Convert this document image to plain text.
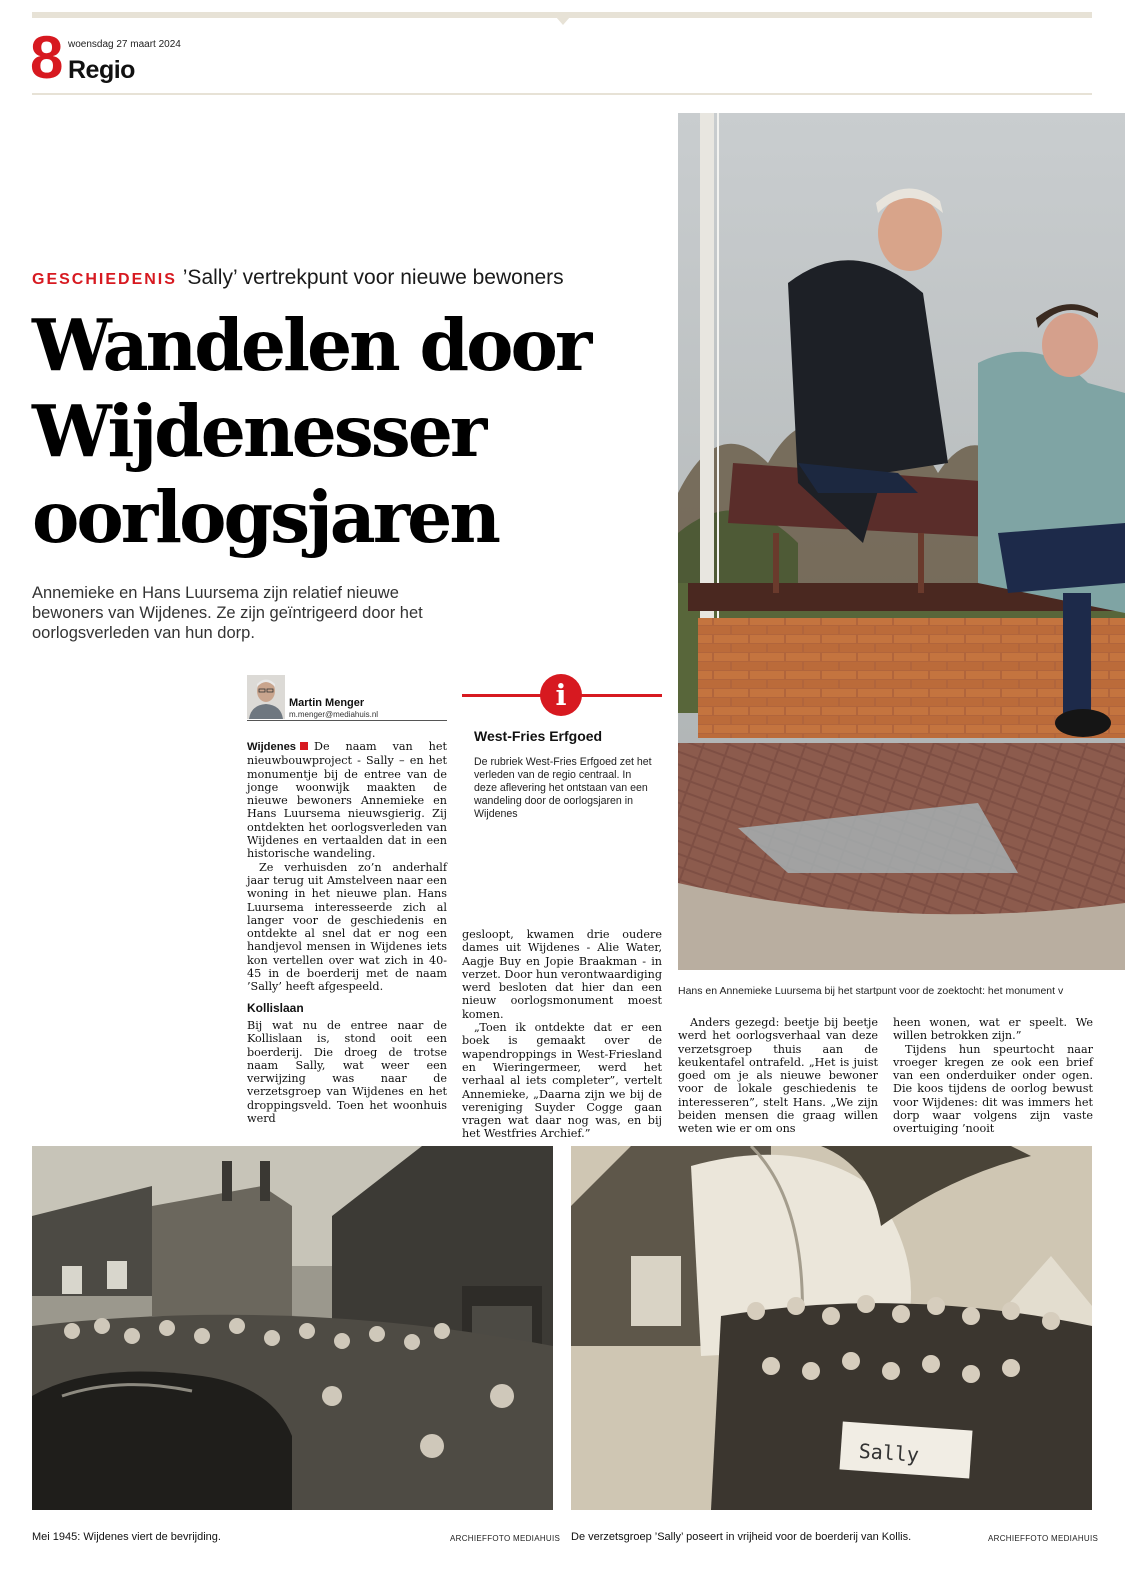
8 woensdag 27 maart 2024
Regio
GESCHIEDENIS ’Sally’ vertrekpunt voor nieuwe bewoners
Wandelen door
Wijdenesser
oorlogsjaren
Annemieke en Hans Luursema zijn relatief nieuwe bewoners van Wijdenes. Ze zijn geïntrigeerd door het oorlogsverleden van hun dorp.
Martin Menger
m.menger@mediahuis.nl

Wijdenes De naam van het nieuwbouwproject - Sally – en het monumentje bij de entree van de jonge woonwijk maakten de nieuwe bewoners Annemieke en Hans Luursema nieuwsgierig. Zij ontdekten het oorlogsverleden van Wijdenes en vertaalden dat in een historische wandeling.

Ze verhuisden zo’n anderhalf jaar terug uit Amstelveen naar een woning in het nieuwe plan. Hans Luursema interesseerde zich al langer voor de geschiedenis en ontdekte al snel dat er nog een handjevol mensen in Wijdenes iets kon vertellen over wat zich in 40-45 in de boerderij met de naam ’Sally’ heeft afgespeeld.

Kollislaan

Bij wat nu de entree naar de Kollislaan is, stond ooit een boerderij. Die droeg de trotse naam Sally, wat weer een verwijzing was naar de verzetsgroep van Wijdenes en het droppingsveld. Toen het woonhuis werd

i
West-Fries Erfgoed
De rubriek West-Fries Erfgoed zet het verleden van de regio centraal. In deze aflevering het ontstaan van een wandeling door de oorlogsjaren in Wijdenes

gesloopt, kwamen drie oudere dames uit Wijdenes - Alie Water, Aagje Buy en Jopie Braakman - in verzet. Door hun verontwaardiging werd besloten dat hier dan een nieuw oorlogsmonument moest komen.

„Toen ik ontdekte dat er een boek is gemaakt over de wapendroppings in West-Friesland en Wieringermeer, werd het verhaal al iets completer”, vertelt Annemieke, „Daarna zijn we bij de vereniging Suyder Cogge gaan vragen wat daar nog was, en bij het Westfries Archief.”

Anders gezegd: beetje bij beetje werd het oorlogsverhaal van deze verzetsgroep thuis aan de keukentafel ontrafeld. „Het is juist goed om je als nieuwe bewoner voor de lokale geschiedenis te interesseren”, stelt Hans. „We zijn beiden mensen die graag willen weten wie er om ons

heen wonen, wat er speelt. We willen betrokken zijn.”

Tijdens hun speurtocht naar vroeger kregen ze ook een brief van een onderduiker onder ogen. Die koos tijdens de oorlog bewust voor Wijdenes: dit was immers het dorp waar volgens zijn vaste overtuiging ’nooit

Hans en Annemieke Luursema bij het startpunt voor de zoektocht: het monument v
Mei 1945: Wijdenes viert de bevrijding.	ARCHIEFFOTO MEDIAHUIS
Sally
De verzetsgroep ’Sally’ poseert in vrijheid voor de boerderij van Kollis.	ARCHIEFFOTO MEDIAHUIS
